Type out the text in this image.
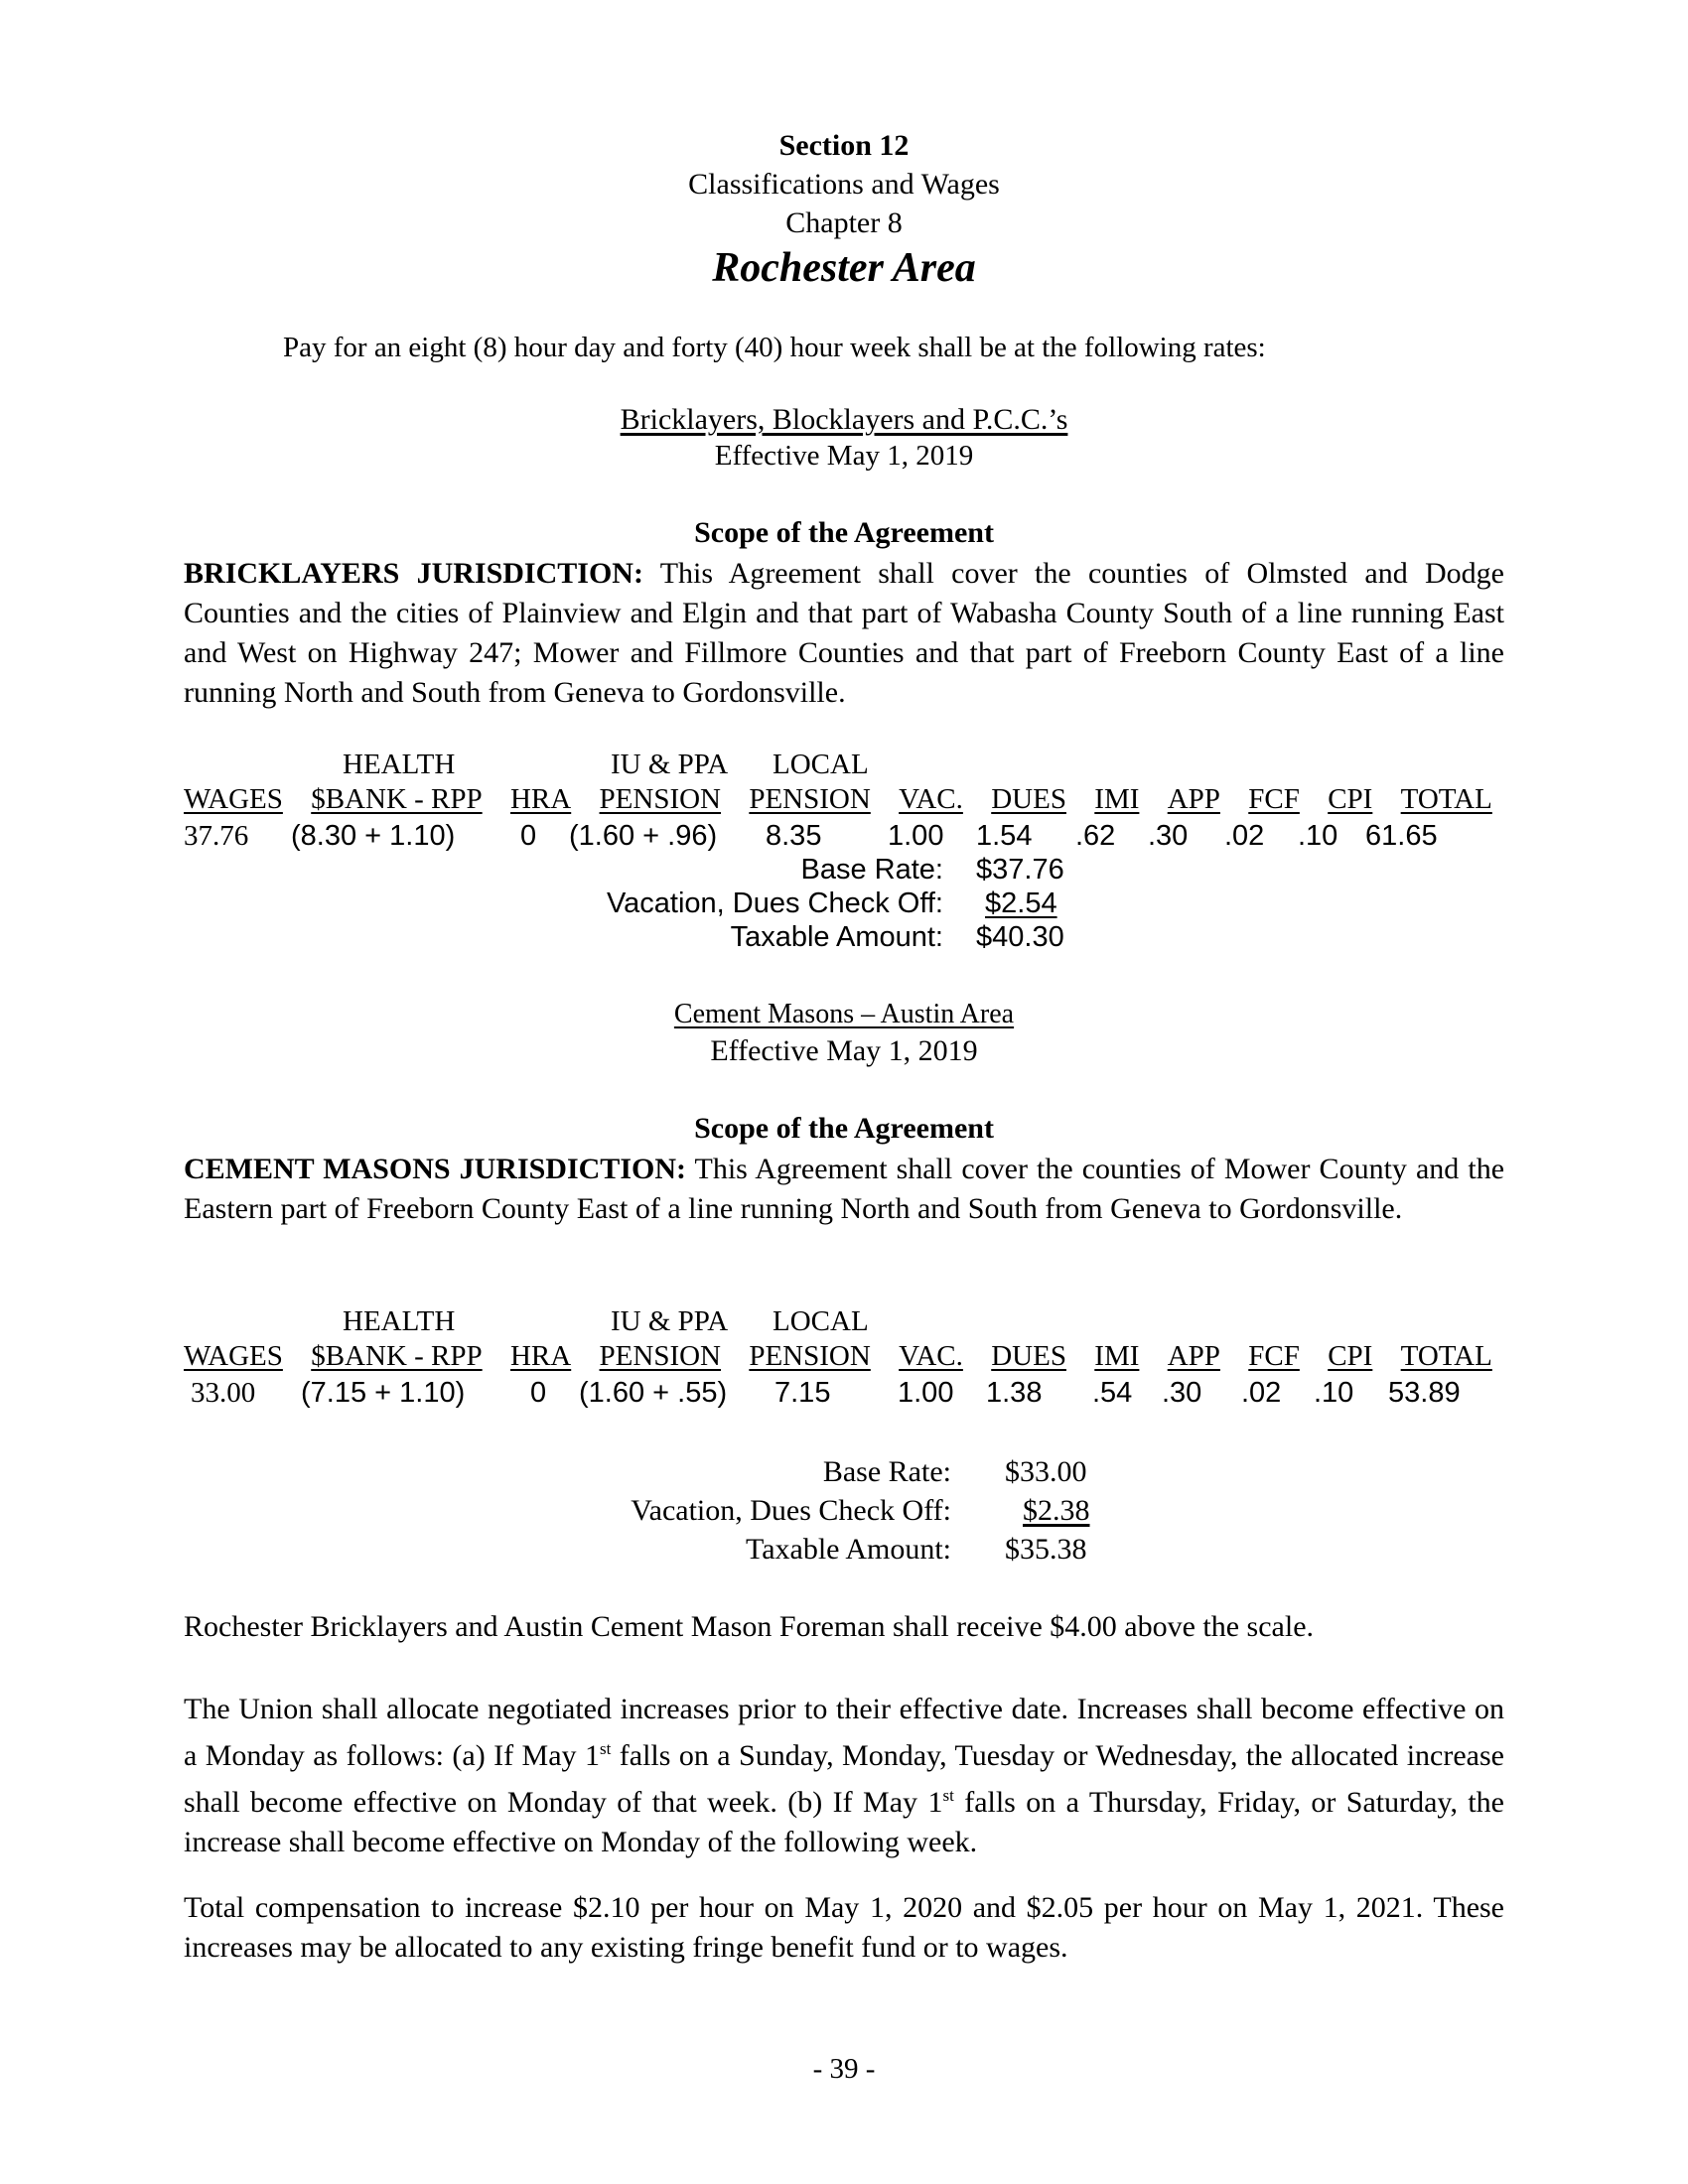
Section 12
Classifications and Wages
Chapter 8
Rochester Area
Pay for an eight (8) hour day and forty (40) hour week shall be at the following rates:
Bricklayers, Blocklayers and P.C.C.’s
Effective May 1, 2019
Scope of the Agreement
BRICKLAYERS JURISDICTION: This Agreement shall cover the counties of Olmsted and Dodge Counties and the cities of Plainview and Elgin and that part of Wabasha County South of a line running East and West on Highway 247; Mower and Fillmore Counties and that part of Freeborn County East of a line running North and South from Geneva to Gordonsville.
HEALTH	IU & PPA LOCAL
WAGES $BANK - RPP HRA PENSION PENSION VAC. DUES IMI APP FCF CPI TOTAL
37.76 (8.30 + 1.10) 0 (1.60 + .96) 8.35 1.00 1.54 .62 .30 .02 .10 61.65
Base Rate: $37.76
Vacation, Dues Check Off: $2.54
Taxable Amount: $40.30
Cement Masons – Austin Area
Effective May 1, 2019
Scope of the Agreement
CEMENT MASONS JURISDICTION: This Agreement shall cover the counties of Mower County and the Eastern part of Freeborn County East of a line running North and South from Geneva to Gordonsville.
HEALTH	IU & PPA LOCAL
WAGES $BANK - RPP HRA PENSION PENSION VAC. DUES IMI APP FCF CPI TOTAL
33.00 (7.15 + 1.10) 0 (1.60 + .55) 7.15 1.00 1.38 .54 .30 .02 .10 53.89
Base Rate: $33.00
Vacation, Dues Check Off: $2.38
Taxable Amount: $35.38
Rochester Bricklayers and Austin Cement Mason Foreman shall receive $4.00 above the scale.
The Union shall allocate negotiated increases prior to their effective date. Increases shall become effective on a Monday as follows: (a) If May 1st falls on a Sunday, Monday, Tuesday or Wednesday, the allocated increase shall become effective on Monday of that week. (b) If May 1st falls on a Thursday, Friday, or Saturday, the increase shall become effective on Monday of the following week.
Total compensation to increase $2.10 per hour on May 1, 2020 and $2.05 per hour on May 1, 2021. These increases may be allocated to any existing fringe benefit fund or to wages.
- 39 -
